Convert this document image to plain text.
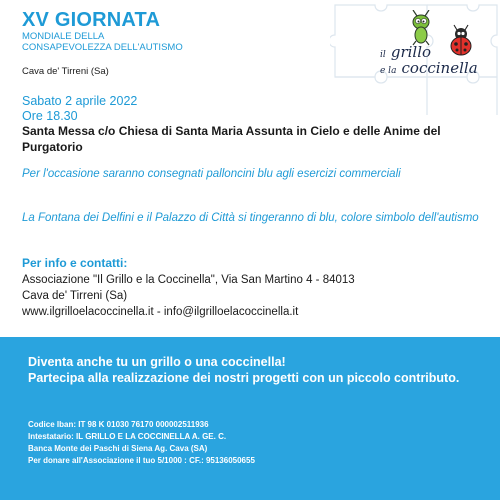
XV GIORNATA
MONDIALE DELLA CONSAPEVOLEZZA DELL'AUTISMO
Cava de' Tirreni (Sa)
il grillo
e la coccinella
Sabato 2 aprile 2022
Ore 18.30
Santa Messa c/o Chiesa di Santa Maria Assunta in Cielo e delle Anime del Purgatorio
Per l'occasione saranno consegnati palloncini blu agli esercizi commerciali
La Fontana dei Delfini e il Palazzo di Città si tingeranno di blu, colore simbolo dell'autismo
Per info e contatti:
Associazione "Il Grillo e la Coccinella", Via San Martino 4 - 84013
Cava de' Tirreni (Sa)
www.ilgrilloelacoccinella.it - info@ilgrilloelacoccinella.it
Diventa anche tu un grillo o una coccinella!
Partecipa alla realizzazione dei nostri progetti con un piccolo contributo.
Codice Iban: IT 98 K 01030 76170 000002511936
Intestatario: IL GRILLO E LA COCCINELLA A. GE. C.
Banca Monte dei Paschi di Siena Ag. Cava (SA)
Per donare all'Associazione il tuo 5/1000 : CF.: 95136050655
